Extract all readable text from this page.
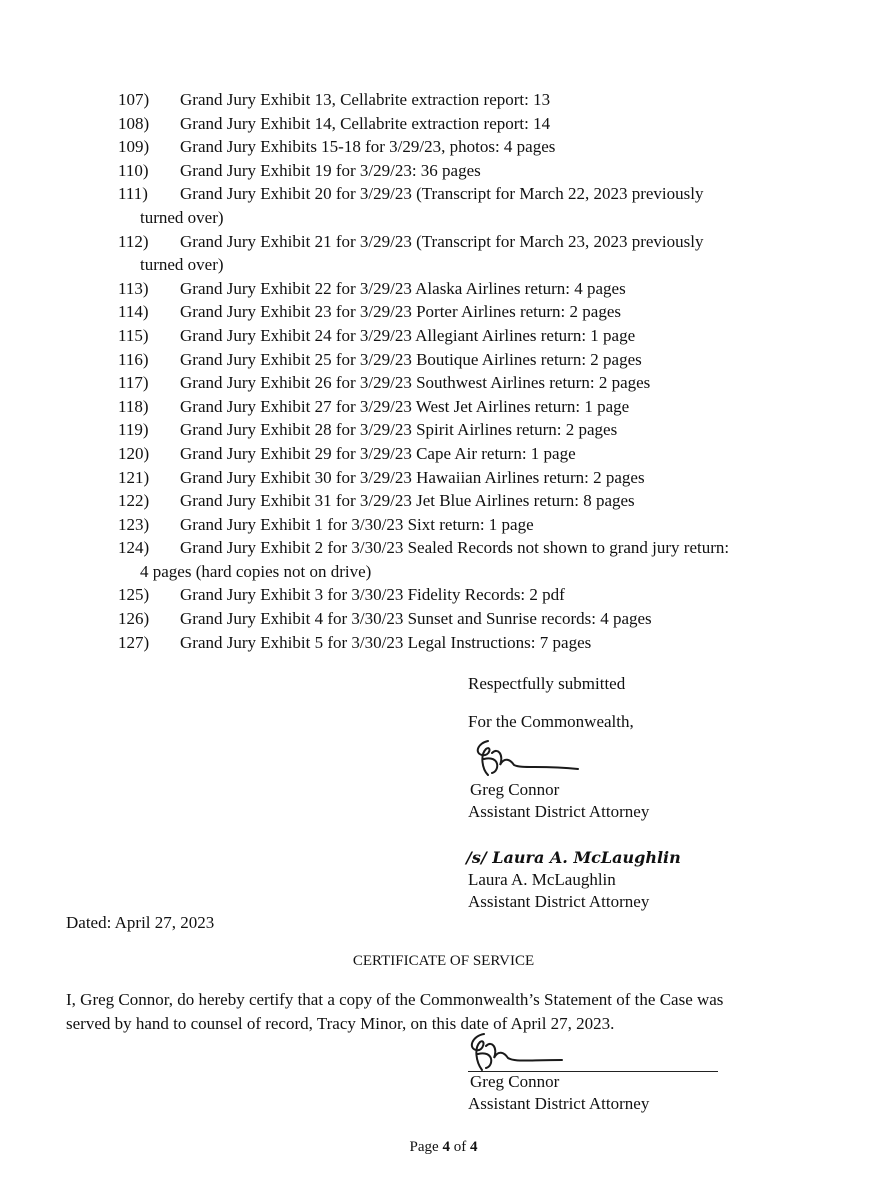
107)	Grand Jury Exhibit 13, Cellabrite extraction report: 13
108)	Grand Jury Exhibit 14, Cellabrite extraction report: 14
109)	Grand Jury Exhibits 15-18 for 3/29/23, photos: 4 pages
110)	Grand Jury Exhibit 19 for 3/29/23: 36 pages
111)	Grand Jury Exhibit 20 for 3/29/23 (Transcript for March 22, 2023 previously
turned over)
112)	Grand Jury Exhibit 21 for 3/29/23 (Transcript for March 23, 2023 previously
turned over)
113)	Grand Jury Exhibit 22 for 3/29/23 Alaska Airlines return: 4 pages
114)	Grand Jury Exhibit 23 for 3/29/23 Porter Airlines return: 2 pages
115)	Grand Jury Exhibit 24 for 3/29/23 Allegiant Airlines return: 1 page
116)	Grand Jury Exhibit 25 for 3/29/23 Boutique Airlines return: 2 pages
117)	Grand Jury Exhibit 26 for 3/29/23 Southwest Airlines return: 2 pages
118)	Grand Jury Exhibit 27 for 3/29/23 West Jet Airlines return: 1 page
119)	Grand Jury Exhibit 28 for 3/29/23 Spirit Airlines return: 2 pages
120)	Grand Jury Exhibit 29 for 3/29/23 Cape Air return: 1 page
121)	Grand Jury Exhibit 30 for 3/29/23 Hawaiian Airlines return: 2 pages
122)	Grand Jury Exhibit 31 for 3/29/23 Jet Blue Airlines return: 8 pages
123)	Grand Jury Exhibit 1 for 3/30/23 Sixt return: 1 page
124)	Grand Jury Exhibit 2 for 3/30/23 Sealed Records not shown to grand jury return:
4 pages (hard copies not on drive)
125)	Grand Jury Exhibit 3 for 3/30/23 Fidelity Records: 2 pdf
126)	Grand Jury Exhibit 4 for 3/30/23 Sunset and Sunrise records: 4 pages
127)	Grand Jury Exhibit 5 for 3/30/23 Legal Instructions: 7 pages
Respectfully submitted
For the Commonwealth,
Greg Connor
Assistant District Attorney
/s/ Laura A. McLaughlin
Laura A. McLaughlin
Assistant District Attorney
Dated: April 27, 2023
CERTIFICATE OF SERVICE
I, Greg Connor, do hereby certify that a copy of the Commonwealth’s Statement of the Case was
served by hand to counsel of record, Tracy Minor, on this date of April 27, 2023.
Greg Connor
Assistant District Attorney
Page 4 of 4
